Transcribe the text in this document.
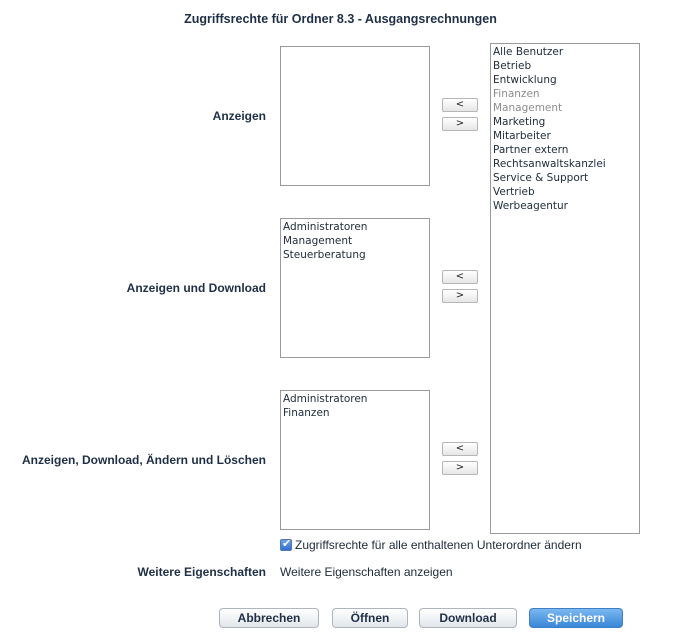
Zugriffsrechte für Ordner 8.3 - Ausgangsrechnungen
Anzeigen
<
>
Anzeigen und Download
Administratoren
Management
Steuerberatung
<
>
Anzeigen, Download, Ändern und Löschen
Administratoren
Finanzen
<
>
Alle Benutzer
Betrieb
Entwicklung
Finanzen
Management
Marketing
Mitarbeiter
Partner extern
Rechtsanwaltskanzlei
Service & Support
Vertrieb
Werbeagentur
✔ Zugriffsrechte für alle enthaltenen Unterordner ändern
Weitere Eigenschaften Weitere Eigenschaften anzeigen
Abbrechen	Öffnen	Download	Speichern
